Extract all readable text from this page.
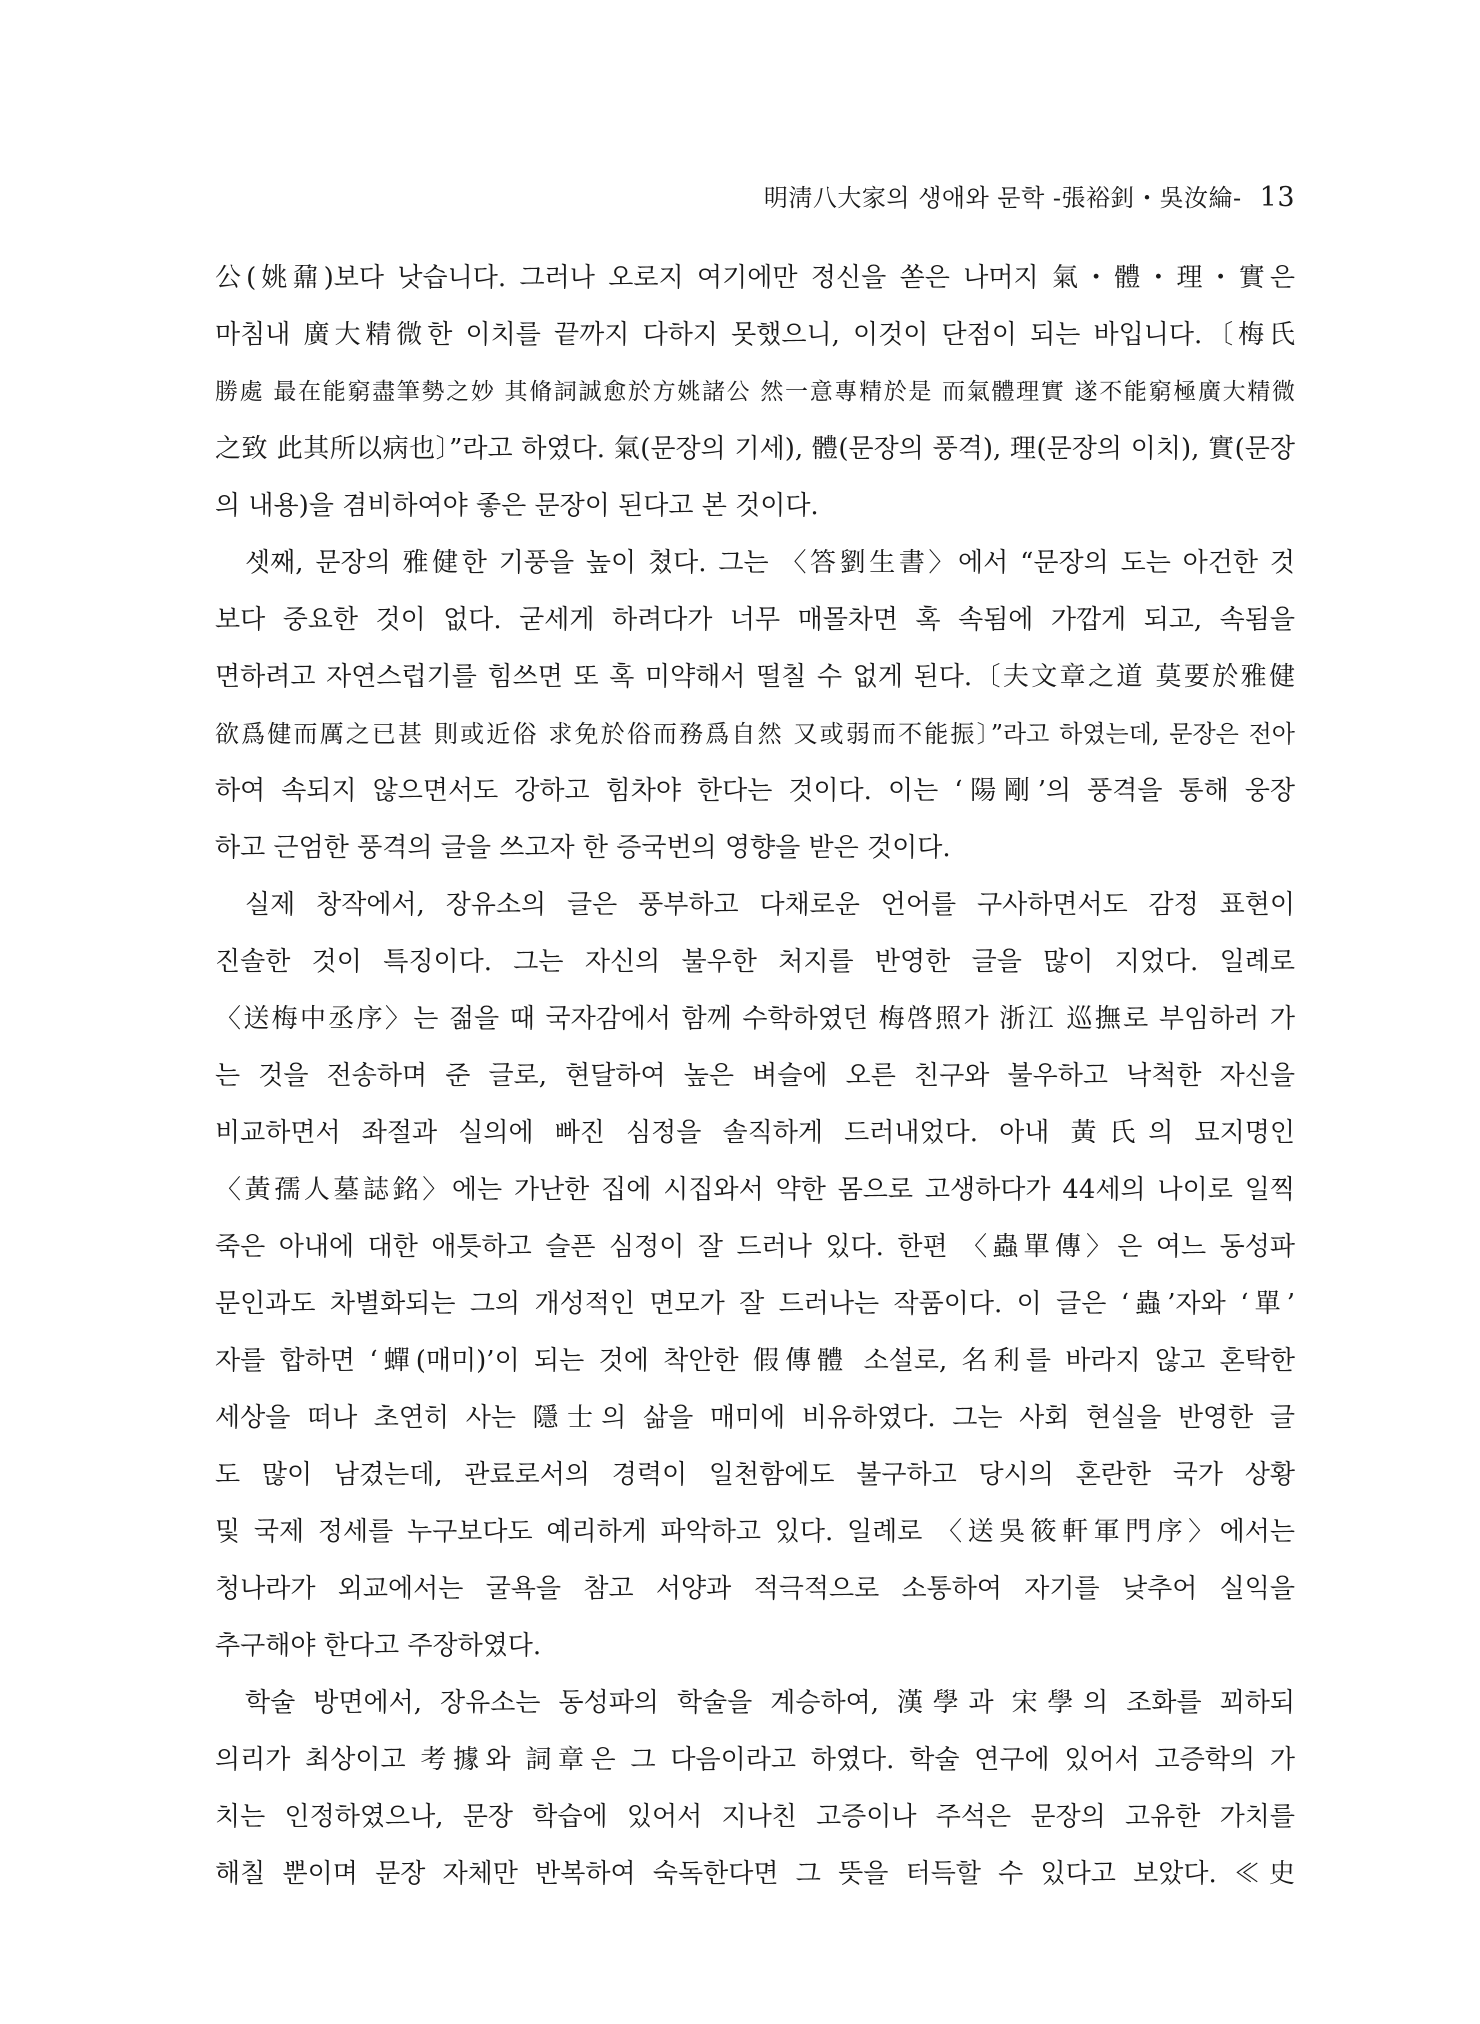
明淸八大家의 생애와 문학 -張裕釗・吳汝綸- 13
公(姚鼐)보다 낫습니다. 그러나 오로지 여기에만 정신을 쏟은 나머지 氣・體・理・實은
마침내 廣大精微한 이치를 끝까지 다하지 못했으니, 이것이 단점이 되는 바입니다.〔梅氏
勝處 最在能窮盡筆勢之妙 其脩詞誠愈於方姚諸公 然一意專精於是 而氣體理實 遂不能窮極廣大精微
之致 此其所以病也〕”라고 하였다. 氣(문장의 기세), 體(문장의 풍격), 理(문장의 이치), 實(문장
의 내용)을 겸비하여야 좋은 문장이 된다고 본 것이다.
셋째, 문장의 雅健한 기풍을 높이 쳤다. 그는 〈答劉生書〉에서 “문장의 도는 아건한 것
보다 중요한 것이 없다. 굳세게 하려다가 너무 매몰차면 혹 속됨에 가깝게 되고, 속됨을
면하려고 자연스럽기를 힘쓰면 또 혹 미약해서 떨칠 수 없게 된다.〔夫文章之道 莫要於雅健
欲爲健而厲之已甚 則或近俗 求免於俗而務爲自然 又或弱而不能振〕”라고 하였는데, 문장은 전아
하여 속되지 않으면서도 강하고 힘차야 한다는 것이다. 이는 ‘陽剛’의 풍격을 통해 웅장
하고 근엄한 풍격의 글을 쓰고자 한 증국번의 영향을 받은 것이다.
실제 창작에서, 장유소의 글은 풍부하고 다채로운 언어를 구사하면서도 감정 표현이
진솔한 것이 특징이다. 그는 자신의 불우한 처지를 반영한 글을 많이 지었다. 일례로
〈送梅中丞序〉는 젊을 때 국자감에서 함께 수학하였던 梅啓照가 浙江 巡撫로 부임하러 가
는 것을 전송하며 준 글로, 현달하여 높은 벼슬에 오른 친구와 불우하고 낙척한 자신을
비교하면서 좌절과 실의에 빠진 심정을 솔직하게 드러내었다. 아내 黃氏의 묘지명인
〈黃孺人墓誌銘〉에는 가난한 집에 시집와서 약한 몸으로 고생하다가 44세의 나이로 일찍
죽은 아내에 대한 애틋하고 슬픈 심정이 잘 드러나 있다. 한편 〈蟲單傳〉은 여느 동성파
문인과도 차별화되는 그의 개성적인 면모가 잘 드러나는 작품이다. 이 글은 ‘蟲’자와 ‘單’
자를 합하면 ‘蟬(매미)’이 되는 것에 착안한 假傳體 소설로, 名利를 바라지 않고 혼탁한
세상을 떠나 초연히 사는 隱士의 삶을 매미에 비유하였다. 그는 사회 현실을 반영한 글
도 많이 남겼는데, 관료로서의 경력이 일천함에도 불구하고 당시의 혼란한 국가 상황
및 국제 정세를 누구보다도 예리하게 파악하고 있다. 일례로 〈送吳筱軒軍門序〉에서는
청나라가 외교에서는 굴욕을 참고 서양과 적극적으로 소통하여 자기를 낮추어 실익을
추구해야 한다고 주장하였다.
학술 방면에서, 장유소는 동성파의 학술을 계승하여, 漢學과 宋學의 조화를 꾀하되
의리가 최상이고 考據와 詞章은 그 다음이라고 하였다. 학술 연구에 있어서 고증학의 가
치는 인정하였으나, 문장 학습에 있어서 지나친 고증이나 주석은 문장의 고유한 가치를
해칠 뿐이며 문장 자체만 반복하여 숙독한다면 그 뜻을 터득할 수 있다고 보았다. ≪史
